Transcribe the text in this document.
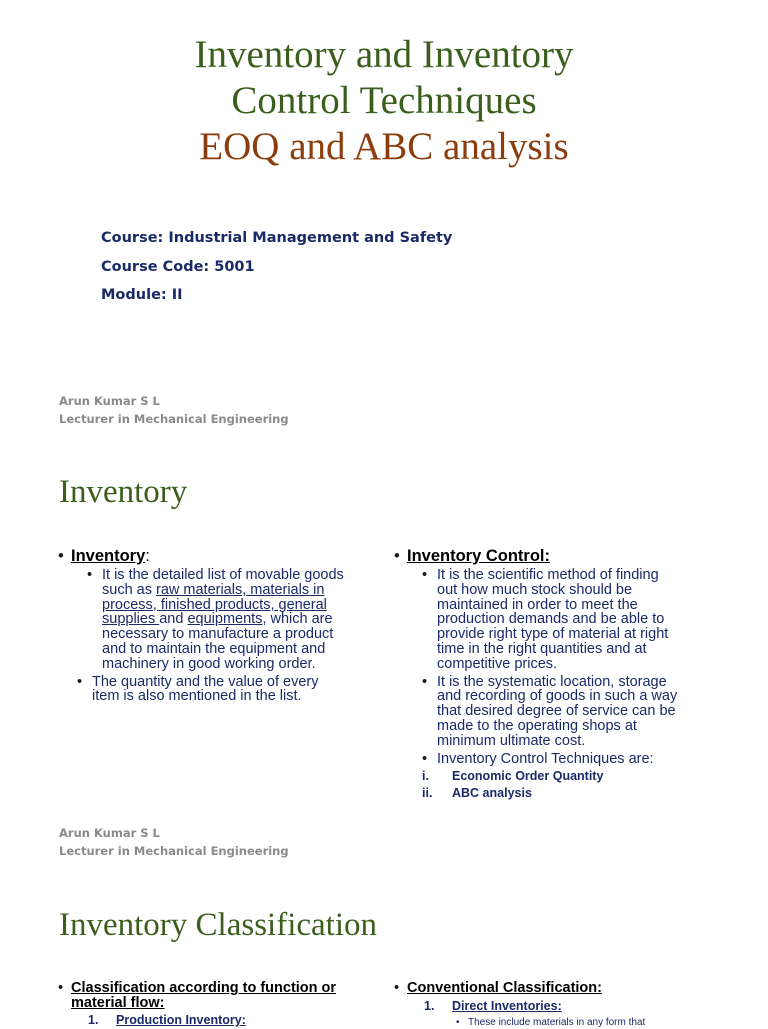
Inventory and Inventory
Control Techniques
EOQ and ABC analysis
Course: Industrial Management and Safety
Course Code: 5001
Module: II
Arun Kumar S L
Lecturer in Mechanical Engineering
Inventory
• Inventory:
• It is the detailed list of movable goods
such as raw materials, materials in
process, finished products, general
supplies and equipments, which are
necessary to manufacture a product
and to maintain the equipment and
machinery in good working order.
• The quantity and the value of every
item is also mentioned in the list.
• Inventory Control:
• It is the scientific method of finding
out how much stock should be
maintained in order to meet the
production demands and be able to
provide right type of material at right
time in the right quantities and at
competitive prices.
• It is the systematic location, storage
and recording of goods in such a way
that desired degree of service can be
made to the operating shops at
minimum ultimate cost.
• Inventory Control Techniques are:
i. Economic Order Quantity
ii. ABC analysis
Arun Kumar S L
Lecturer in Mechanical Engineering
Inventory Classification
• Classification according to function or
material flow:
1. Production Inventory:
• Conventional Classification:
1. Direct Inventories:
• These include materials in any form that
